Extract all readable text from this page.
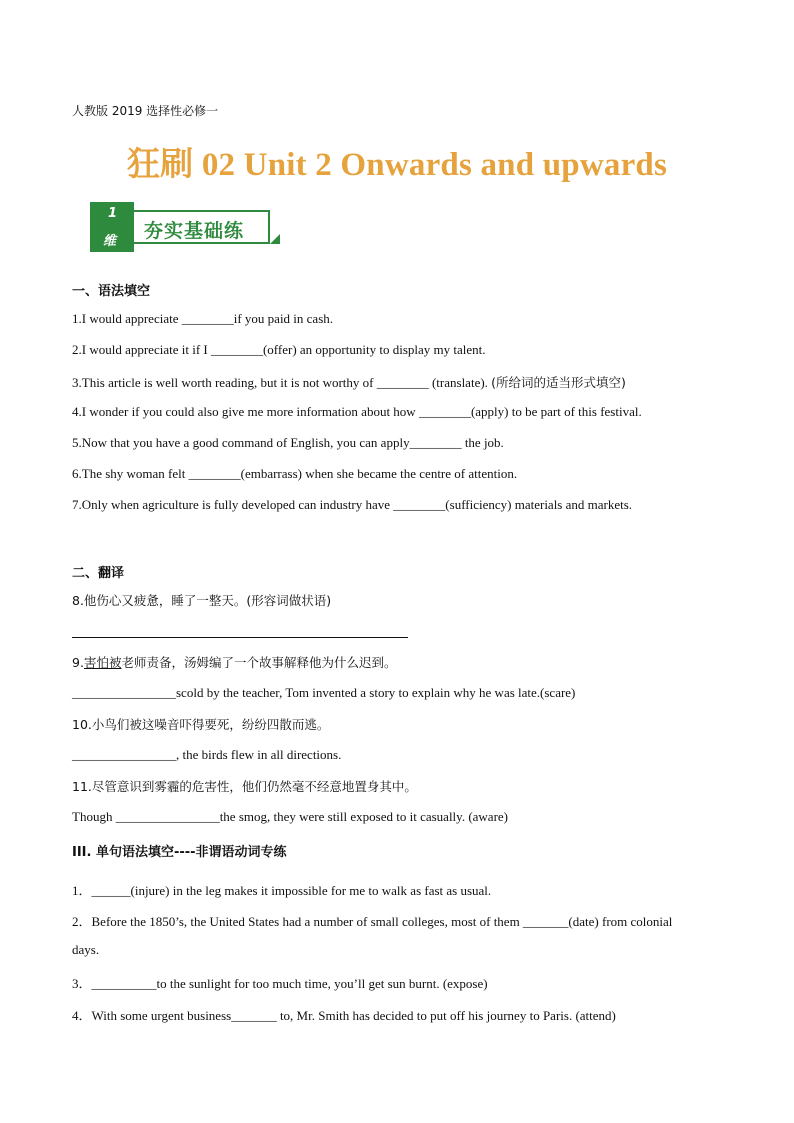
人教版 2019 选择性必修一
狂刷 02 Unit 2 Onwards and upwards
1
维 夯实基础练
一、语法填空
1.I would appreciate ________if you paid in cash.
2.I would appreciate it if I ________(offer) an opportunity to display my talent.
3.This article is well worth reading, but it is not worthy of ________ (translate). (所给词的适当形式填空)
4.I wonder if you could also give me more information about how ________(apply) to be part of this festival.
5.Now that you have a good command of English, you can apply________ the job.
6.The shy woman felt ________(embarrass) when she became the centre of attention.
7.Only when agriculture is fully developed can industry have ________(sufficiency) materials and markets.
二、翻译
8.他伤心又疲惫，睡了一整天。(形容词做状语)
9.害怕被老师责备，汤姆编了一个故事解释他为什么迟到。
________________scold by the teacher, Tom invented a story to explain why he was late.(scare)
10.小鸟们被这噪音吓得要死，纷纷四散而逃。
________________, the birds flew in all directions.
11.尽管意识到雾霾的危害性，他们仍然毫不经意地置身其中。
Though ________________the smog, they were still exposed to it casually. (aware)
III. 单句语法填空----非谓语动词专练
1．______(injure) in the leg makes it impossible for me to walk as fast as usual.
2．Before the 1850’s, the United States had a number of small colleges, most of them _______(date) from colonial
days.
3．__________to the sunlight for too much time, you’ll get sun burnt. (expose)
4．With some urgent business_______ to, Mr. Smith has decided to put off his journey to Paris. (attend)
